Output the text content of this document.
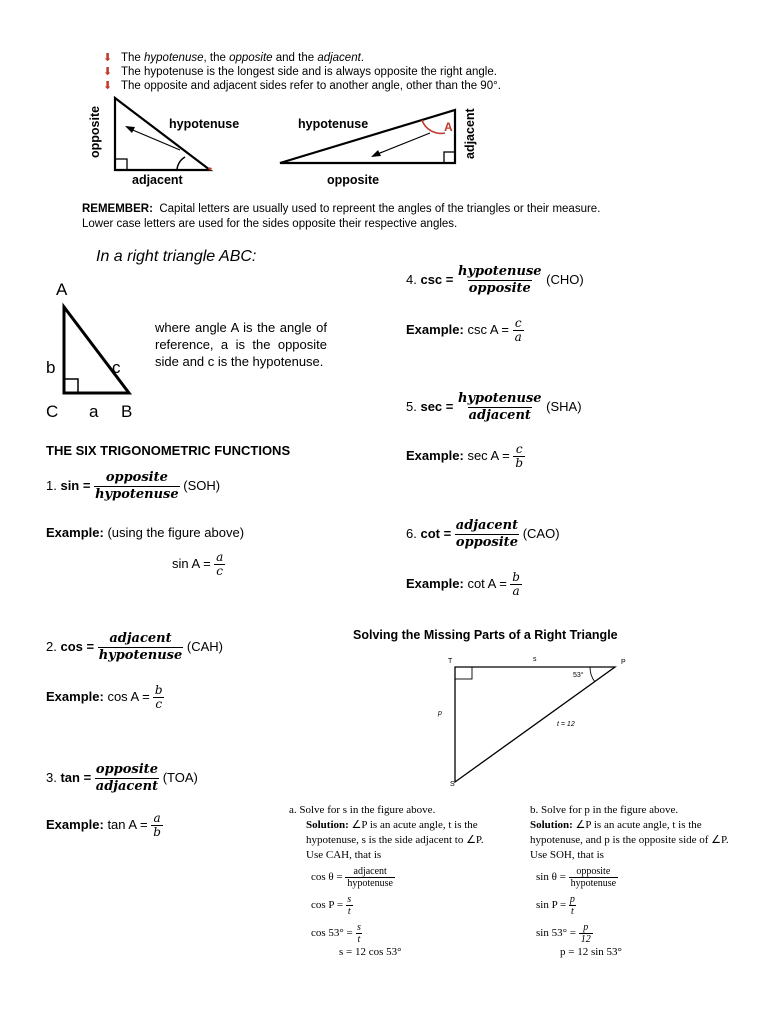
⬇ The hypotenuse, the opposite and the adjacent.
⬇ The hypotenuse is the longest side and is always opposite the right angle.
⬇ The opposite and adjacent sides refer to another angle, other than the 90°.
*
opposite	hypotenuse
adjacent
A
hypotenuse	adjacent
opposite
REMEMBER: Capital letters are usually used to repreent the angles of the triangles or their measure.
Lower case letters are used for the sides opposite their respective angles.
In a right triangle ABC:
A
b	c
C a B
where angle A is the angle of reference, a is the opposite side and c is the hypotenuse.
THE SIX TRIGONOMETRIC FUNCTIONS
1. $\sin = \frac{\text{opposite}}{\text{hypotenuse}} (SOH)$
Example: (using the figure above)
$\sin A = \frac{a}{c}$
2. $\cos = \frac{\text{adjacent}}{\text{hypotenuse}} (CAH)$
Example: $\cos A = \frac{b}{c}$
3. $\tan = \frac{\text{opposite}}{\text{adjacent}} (TOA)$
Example: $\tan A = \frac{a}{b}$
4. $\csc = \frac{\text{hypotenuse}}{\text{opposite}} (CHO)$
Example: $\csc A = \frac{c}{a}$
5. $\sec = \frac{\text{hypotenuse}}{\text{adjacent}} (SHA)$
Example: $\sec A = \frac{c}{b}$
6. $\cot = \frac{\text{adjacent}}{\text{opposite}} (CAO)$
Example: $\cot A = \frac{b}{a}$
Solving the Missing Parts of a Right Triangle
T	s	P
53°
p
t = 12
S
a. Solve for s in the figure above.
Solution: ∠P is an acute angle, t is the
hypotenuse, s is the side adjacent to ∠P.
Use CAH, that is
cos θ = adjacent
hypotenuse
$\cos P = \frac{s}{t}$
$\cos 53^\circ = \frac{s}{t}$
s = 12 cos 53°
b. Solve for p in the figure above.
Solution: ∠P is an acute angle, t is the
hypotenuse, and p is the opposite side of ∠P.
Use SOH, that is
sin θ = opposite
hypotenuse
$\sin P = \frac{p}{t}$
$\sin 53^\circ = \frac{p}{12}$
p = 12 sin 53°
